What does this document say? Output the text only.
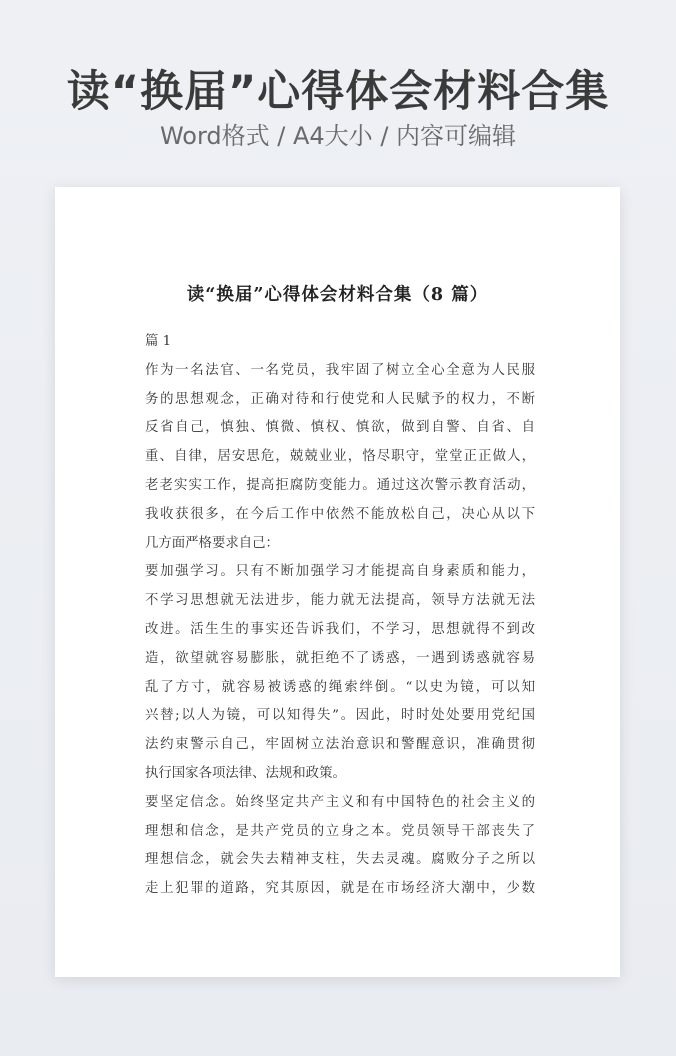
读“换届”心得体会材料合集
Word格式 / A4大小 / 内容可编辑
读“换届”心得体会材料合集（8 篇）
篇 1
作为一名法官、一名党员，我牢固了树立全心全意为人民服
务的思想观念，正确对待和行使党和人民赋予的权力，不断
反省自己，慎独、慎微、慎权、慎欲，做到自警、自省、自
重、自律，居安思危，兢兢业业，恪尽职守，堂堂正正做人，
老老实实工作，提高拒腐防变能力。通过这次警示教育活动，
我收获很多，在今后工作中依然不能放松自己，决心从以下
几方面严格要求自己：
要加强学习。只有不断加强学习才能提高自身素质和能力，
不学习思想就无法进步，能力就无法提高，领导方法就无法
改进。活生生的事实还告诉我们，不学习，思想就得不到改
造，欲望就容易膨胀，就拒绝不了诱惑，一遇到诱惑就容易
乱了方寸，就容易被诱惑的绳索绊倒。“以史为镜，可以知
兴替;以人为镜，可以知得失”。因此，时时处处要用党纪国
法约束警示自己，牢固树立法治意识和警醒意识，准确贯彻
执行国家各项法律、法规和政策。
要坚定信念。始终坚定共产主义和有中国特色的社会主义的
理想和信念，是共产党员的立身之本。党员领导干部丧失了
理想信念，就会失去精神支柱，失去灵魂。腐败分子之所以
走上犯罪的道路，究其原因，就是在市场经济大潮中，少数
